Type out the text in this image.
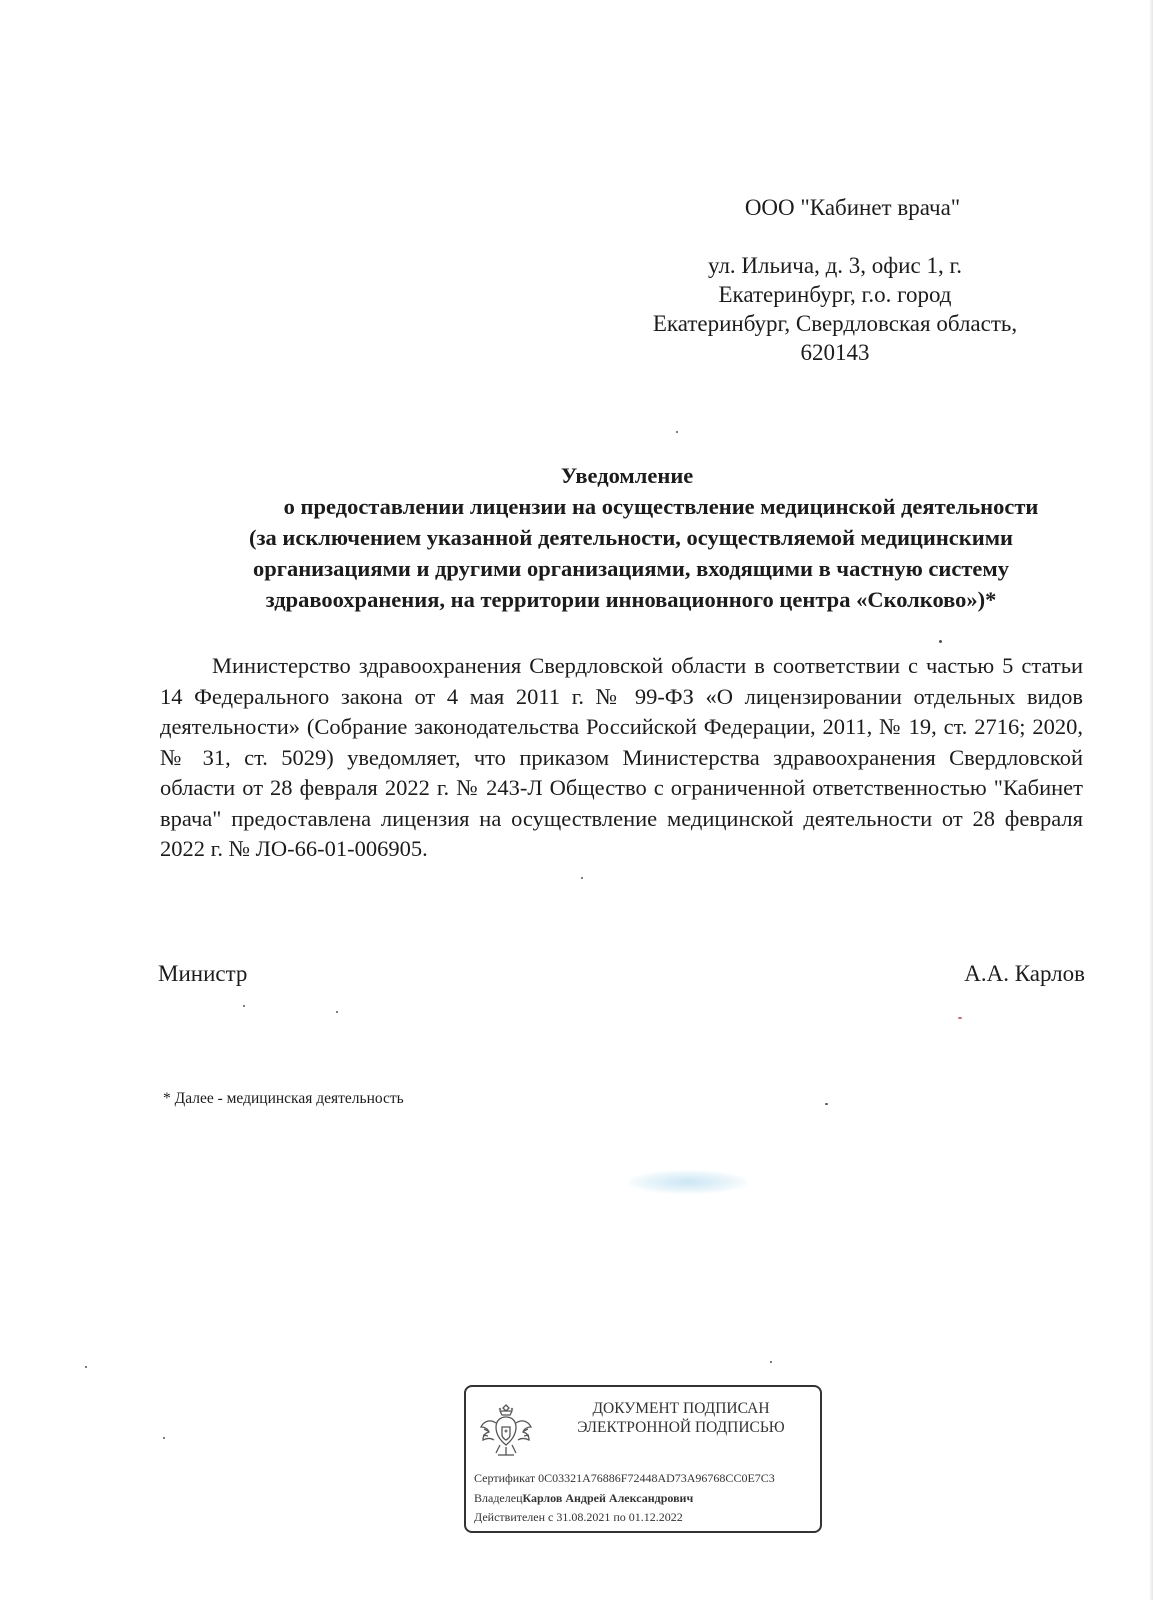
ООО "Кабинет врача"
ул. Ильича, д. 3, офис 1, г.
Екатеринбург, г.о. город
Екатеринбург, Свердловская область,
620143
Уведомление
о предоставлении лицензии на осуществление медицинской деятельности
(за исключением указанной деятельности, осуществляемой медицинскими
организациями и другими организациями, входящими в частную систему
здравоохранения, на территории инновационного центра «Сколково»)*
Министерство здравоохранения Свердловской области в соответствии с частью 5 статьи 14 Федерального закона от 4 мая 2011 г. № 99-ФЗ «О лицензировании отдельных видов деятельности» (Собрание законодательства Российской Федерации, 2011, № 19, ст. 2716; 2020, № 31, ст. 5029) уведомляет, что приказом Министерства здравоохранения Свердловской области от 28 февраля 2022 г. № 243-Л Общество с ограниченной ответственностью "Кабинет врача" предоставлена лицензия на осуществление медицинской деятельности от 28 февраля 2022 г. № ЛО-66-01-006905.
Министр	А.А. Карлов
* Далее - медицинская деятельность
ДОКУМЕНТ ПОДПИСАН
ЭЛЕКТРОННОЙ ПОДПИСЬЮ
Сертификат 0C03321A76886F72448AD73A96768CC0E7C3
ВладелецКарлов Андрей Александрович
Действителен с 31.08.2021 по 01.12.2022
